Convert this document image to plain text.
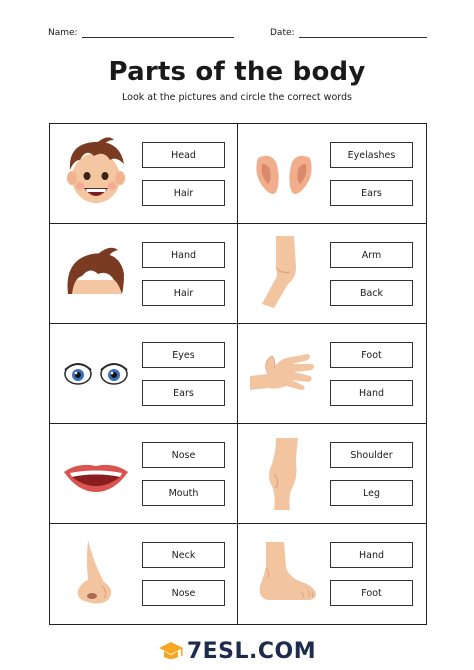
Name:	Date:
Parts of the body
Look at the pictures and circle the correct words
Head
Hair
Eyelashes
Ears
Hand
Hair
Arm
Back
Eyes
Ears
Foot
Hand
Nose
Mouth
Shoulder
Leg
Neck
Nose
Hand
Foot
7ESL.COM
